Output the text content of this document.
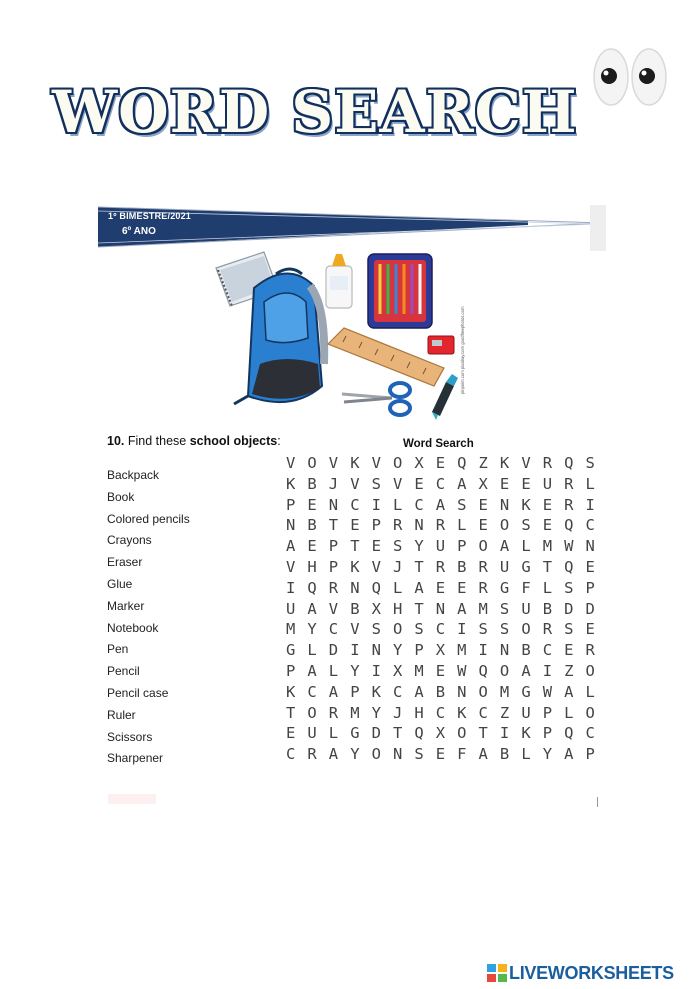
WORD SEARCH
1º BIMESTRE/2021
6º ANO
pinpoint.com pixabay.com goodfreephotos.com
10. Find these school objects:	Word Search
Backpack
Book
Colored pencils
Crayons
Eraser
Glue
Marker
Notebook
Pen
Pencil
Pencil case
Ruler
Scissors
Sharpener
V O V K V O X E Q Z K V R Q S
K B J V S V E C A X E E U R L
P E N C I L C A S E N K E R I
N B T E P R N R L E O S E Q C
A E P T E S Y U P O A L M W N
V H P K V J T R B R U G T Q E
I Q R N Q L A E E R G F L S P
U A V B X H T N A M S U B D D
M Y C V S O S C I S S O R S E
G L D I N Y P X M I N B C E R
P A L Y I X M E W Q O A I Z O
K C A P K C A B N O M G W A L
T O R M Y J H C K C Z U P L O
E U L G D T Q X O T I K P Q C
C R A Y O N S E F A B L Y A P
LIVEWORKSHEETS
